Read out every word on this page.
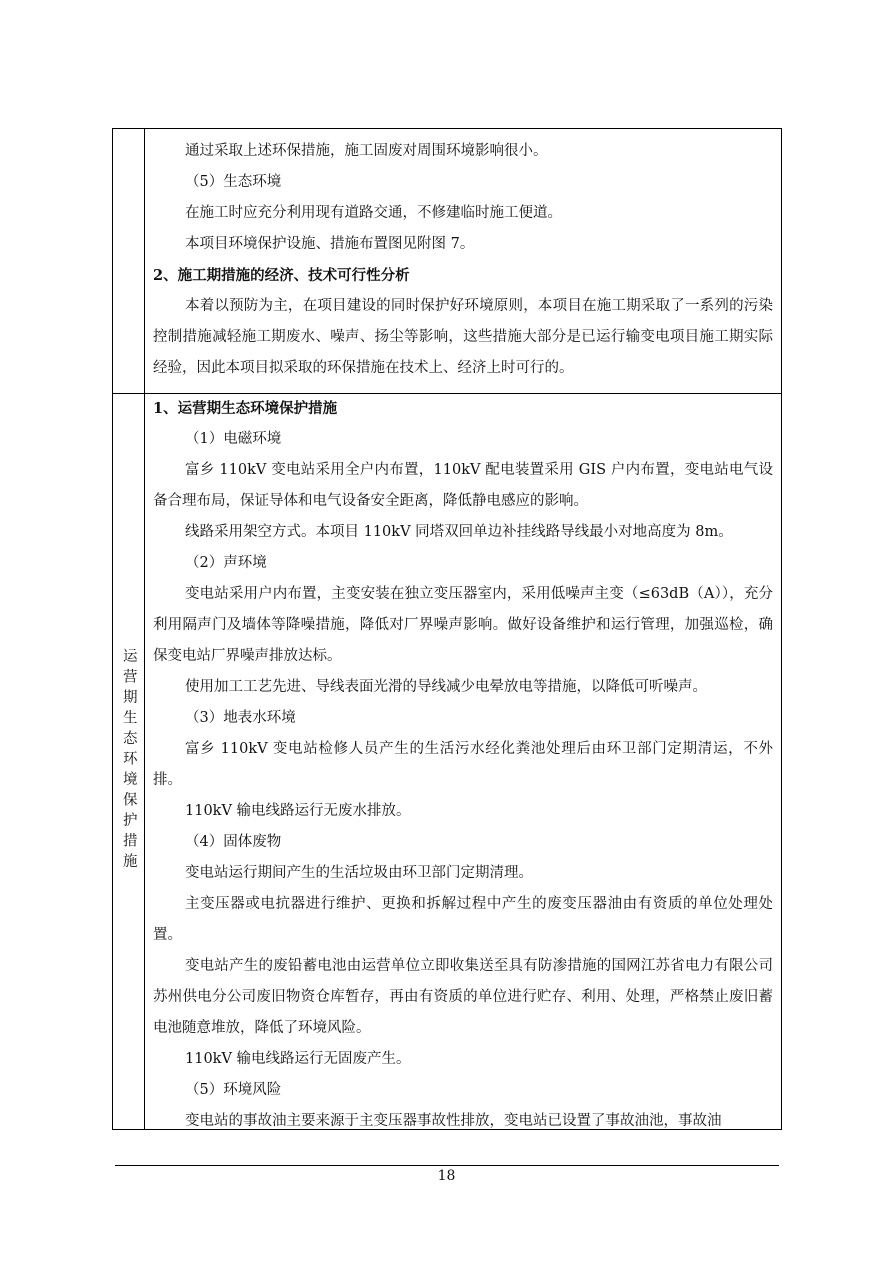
通过采取上述环保措施，施工固废对周围环境影响很小。

（5）生态环境

在施工时应充分利用现有道路交通，不修建临时施工便道。

本项目环境保护设施、措施布置图见附图 7。

2、施工期措施的经济、技术可行性分析

本着以预防为主，在项目建设的同时保护好环境原则，本项目在施工期采取了一系列的污染控制措施减轻施工期废水、噪声、扬尘等影响，这些措施大部分是已运行输变电项目施工期实际经验，因此本项目拟采取的环保措施在技术上、经济上时可行的。

运营期生态环境保护措施

1、运营期生态环境保护措施

（1）电磁环境

富乡 110kV 变电站采用全户内布置，110kV 配电装置采用 GIS 户内布置，变电站电气设备合理布局，保证导体和电气设备安全距离，降低静电感应的影响。

线路采用架空方式。本项目 110kV 同塔双回单边补挂线路导线最小对地高度为 8m。

（2）声环境

变电站采用户内布置，主变安装在独立变压器室内，采用低噪声主变（≤63dB（A）），充分利用隔声门及墙体等降噪措施，降低对厂界噪声影响。做好设备维护和运行管理，加强巡检，确保变电站厂界噪声排放达标。

使用加工工艺先进、导线表面光滑的导线减少电晕放电等措施，以降低可听噪声。

（3）地表水环境

富乡 110kV 变电站检修人员产生的生活污水经化粪池处理后由环卫部门定期清运，不外排。

110kV 输电线路运行无废水排放。

（4）固体废物

变电站运行期间产生的生活垃圾由环卫部门定期清理。

主变压器或电抗器进行维护、更换和拆解过程中产生的废变压器油由有资质的单位处理处置。

变电站产生的废铅蓄电池由运营单位立即收集送至具有防渗措施的国网江苏省电力有限公司苏州供电分公司废旧物资仓库暂存，再由有资质的单位进行贮存、利用、处理，严格禁止废旧蓄电池随意堆放，降低了环境风险。

110kV 输电线路运行无固废产生。

（5）环境风险

变电站的事故油主要来源于主变压器事故性排放，变电站已设置了事故油池，事故油

18
